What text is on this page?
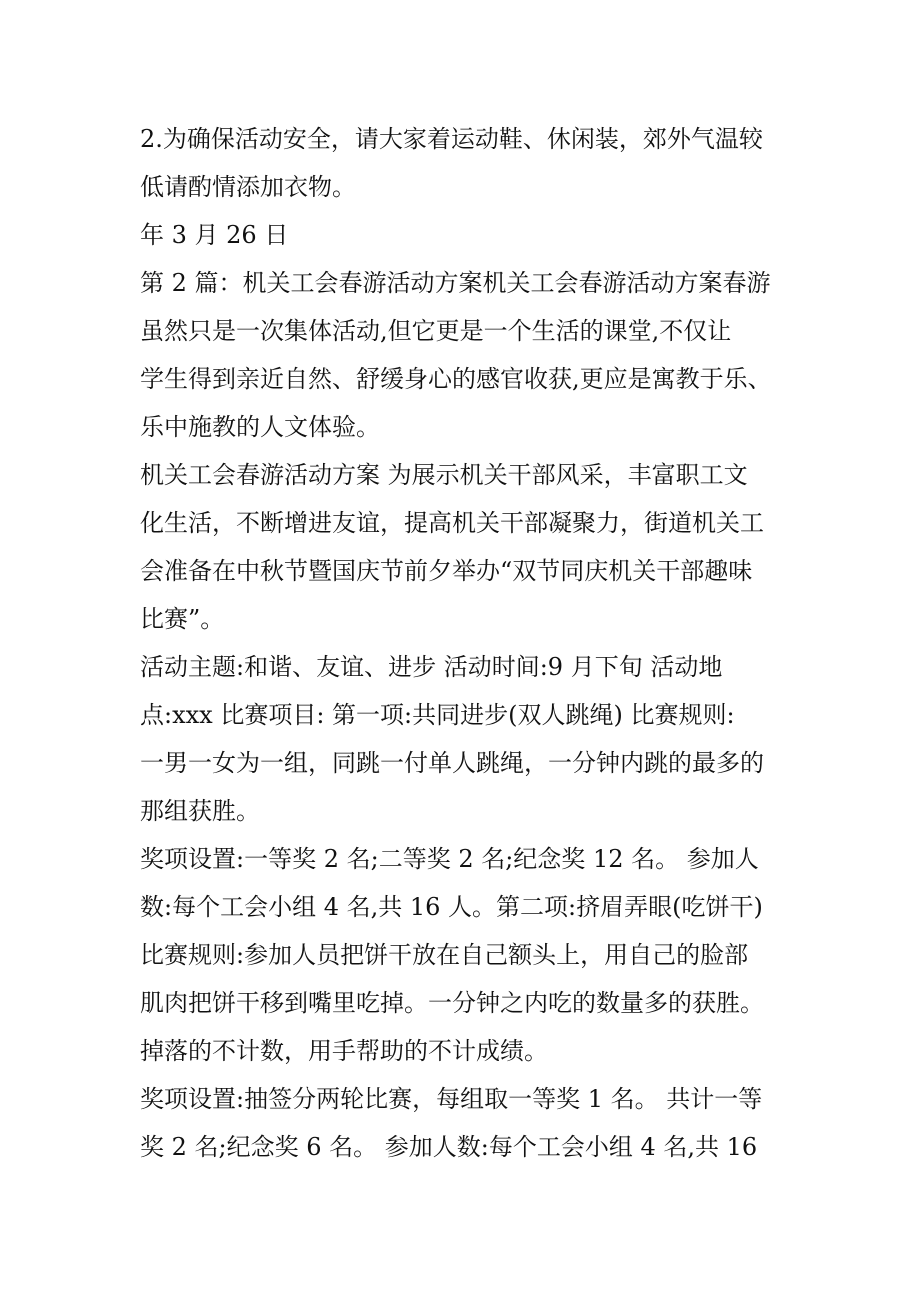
2.为确保活动安全，请大家着运动鞋、休闲装，郊外气温较
低请酌情添加衣物。
年 3 月 26 日
第 2 篇：机关工会春游活动方案机关工会春游活动方案春游
虽然只是一次集体活动,但它更是一个生活的课堂,不仅让
学生得到亲近自然、舒缓身心的感官收获,更应是寓教于乐、
乐中施教的人文体验。
机关工会春游活动方案 为展示机关干部风采，丰富职工文
化生活，不断增进友谊，提高机关干部凝聚力，街道机关工
会准备在中秋节暨国庆节前夕举办“双节同庆机关干部趣味
比赛”。
活动主题:和谐、友谊、进步 活动时间:9 月下旬 活动地
点:xxx 比赛项目: 第一项:共同进步(双人跳绳) 比赛规则:
一男一女为一组，同跳一付单人跳绳，一分钟内跳的最多的
那组获胜。
奖项设置:一等奖 2 名;二等奖 2 名;纪念奖 12 名。 参加人
数:每个工会小组 4 名,共 16 人。第二项:挤眉弄眼(吃饼干)
比赛规则:参加人员把饼干放在自己额头上，用自己的脸部
肌肉把饼干移到嘴里吃掉。一分钟之内吃的数量多的获胜。
掉落的不计数，用手帮助的不计成绩。
奖项设置:抽签分两轮比赛，每组取一等奖 1 名。 共计一等
奖 2 名;纪念奖 6 名。 参加人数:每个工会小组 4 名,共 16
